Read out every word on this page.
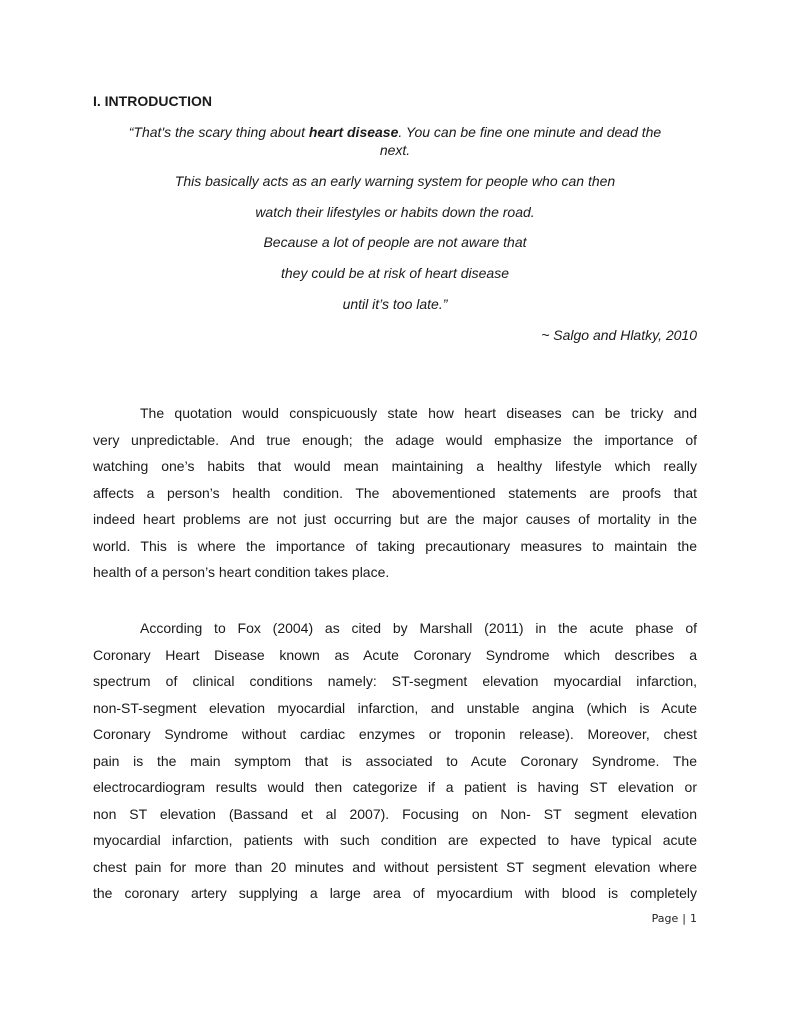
I. INTRODUCTION

“That's the scary thing about heart disease. You can be fine one minute and dead the

next.

This basically acts as an early warning system for people who can then

watch their lifestyles or habits down the road.

Because a lot of people are not aware that

they could be at risk of heart disease

until it’s too late.”

~ Salgo and Hlatky, 2010

The quotation would conspicuously state how heart diseases can be tricky and
very unpredictable. And true enough; the adage would emphasize the importance of
watching one’s habits that would mean maintaining a healthy lifestyle which really
affects a person’s health condition. The abovementioned statements are proofs that
indeed heart problems are not just occurring but are the major causes of mortality in the
world. This is where the importance of taking precautionary measures to maintain the
health of a person’s heart condition takes place.
According to Fox (2004) as cited by Marshall (2011) in the acute phase of
Coronary Heart Disease known as Acute Coronary Syndrome which describes a
spectrum of clinical conditions namely: ST-segment elevation myocardial infarction,
non-ST-segment elevation myocardial infarction, and unstable angina (which is Acute
Coronary Syndrome without cardiac enzymes or troponin release). Moreover, chest
pain is the main symptom that is associated to Acute Coronary Syndrome. The
electrocardiogram results would then categorize if a patient is having ST elevation or
non ST elevation (Bassand et al 2007). Focusing on Non- ST segment elevation
myocardial infarction, patients with such condition are expected to have typical acute
chest pain for more than 20 minutes and without persistent ST segment elevation where
the coronary artery supplying a large area of myocardium with blood is completely
Page | 1
